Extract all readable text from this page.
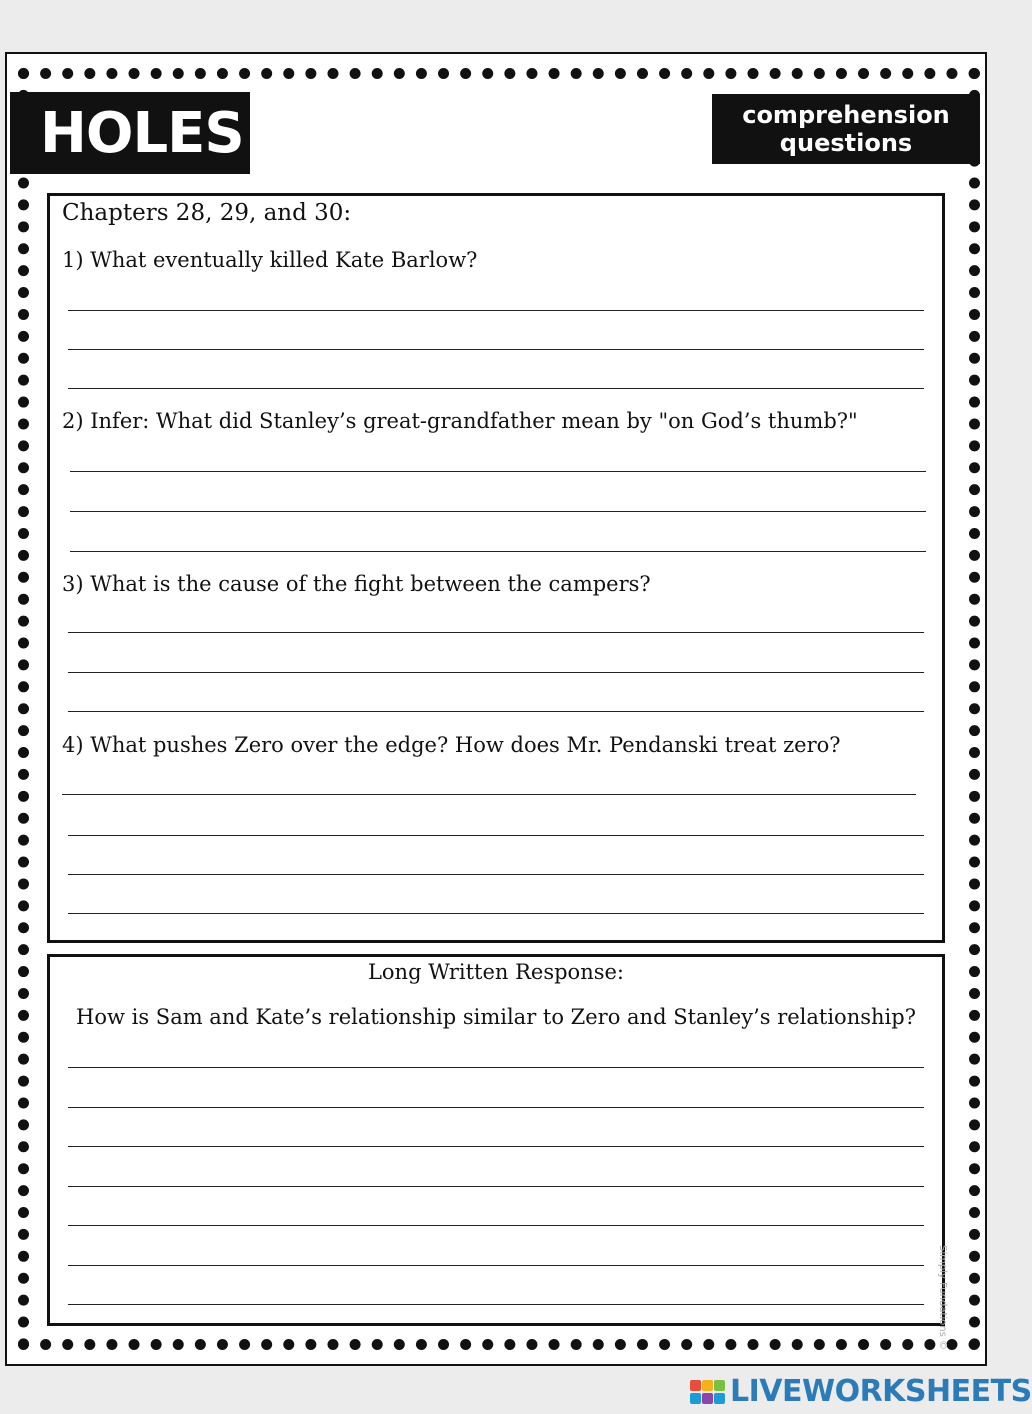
HOLES	comprehension
questions
Chapters 28, 29, and 30:
1) What eventually killed Kate Barlow?
2) Infer: What did Stanley’s great-grandfather mean by "on God’s thumb?"
3) What is the cause of the fight between the campers?
4) What pushes Zero over the edge? How does Mr. Pendanski treat zero?
Long Written Response:
How is Sam and Kate’s relationship similar to Zero and Stanley’s relationship?
Simply Fundations ©
LIVEWORKSHEETS
